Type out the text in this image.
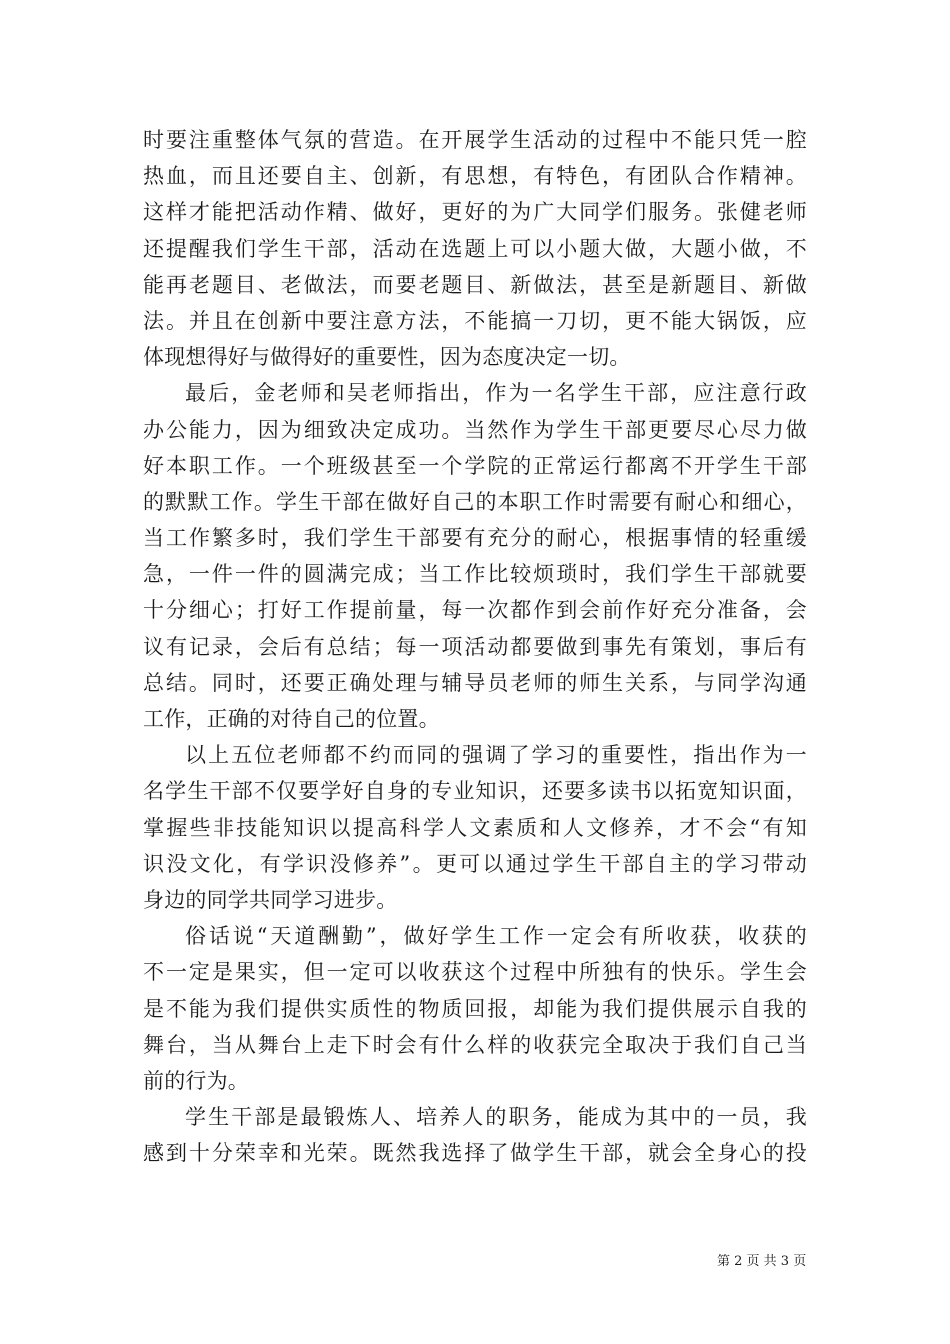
时要注重整体气氛的营造。在开展学生活动的过程中不能只凭一腔
热血，而且还要自主、创新，有思想，有特色，有团队合作精神。
这样才能把活动作精、做好，更好的为广大同学们服务。张健老师
还提醒我们学生干部，活动在选题上可以小题大做，大题小做，不
能再老题目、老做法，而要老题目、新做法，甚至是新题目、新做
法。并且在创新中要注意方法，不能搞一刀切，更不能大锅饭，应
体现想得好与做得好的重要性，因为态度决定一切。
最后，金老师和吴老师指出，作为一名学生干部，应注意行政
办公能力，因为细致决定成功。当然作为学生干部更要尽心尽力做
好本职工作。一个班级甚至一个学院的正常运行都离不开学生干部
的默默工作。学生干部在做好自己的本职工作时需要有耐心和细心，
当工作繁多时，我们学生干部要有充分的耐心，根据事情的轻重缓
急，一件一件的圆满完成；当工作比较烦琐时，我们学生干部就要
十分细心；打好工作提前量，每一次都作到会前作好充分准备，会
议有记录，会后有总结；每一项活动都要做到事先有策划，事后有
总结。同时，还要正确处理与辅导员老师的师生关系，与同学沟通
工作，正确的对待自己的位置。
以上五位老师都不约而同的强调了学习的重要性，指出作为一
名学生干部不仅要学好自身的专业知识，还要多读书以拓宽知识面，
掌握些非技能知识以提高科学人文素质和人文修养，才不会“有知
识没文化，有学识没修养”。更可以通过学生干部自主的学习带动
身边的同学共同学习进步。
俗话说“天道酬勤”，做好学生工作一定会有所收获，收获的
不一定是果实，但一定可以收获这个过程中所独有的快乐。学生会
是不能为我们提供实质性的物质回报，却能为我们提供展示自我的
舞台，当从舞台上走下时会有什么样的收获完全取决于我们自己当
前的行为。
学生干部是最锻炼人、培养人的职务，能成为其中的一员，我
感到十分荣幸和光荣。既然我选择了做学生干部，就会全身心的投
第 2 页 共 3 页
